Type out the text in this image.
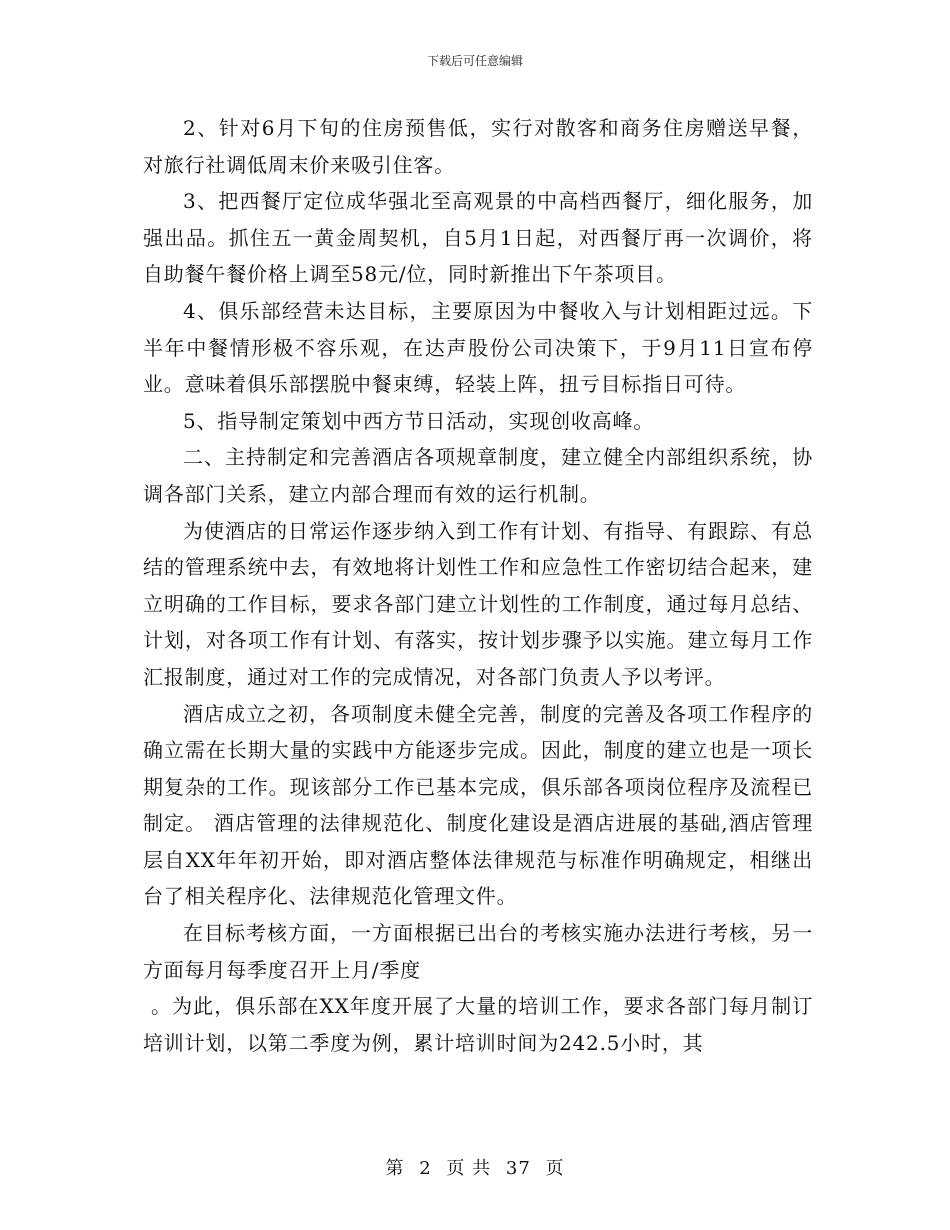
下载后可任意编辑

2、针对6月下旬的住房预售低，实行对散客和商务住房赠送早餐，对旅行社调低周末价来吸引住客。

3、把西餐厅定位成华强北至高观景的中高档西餐厅，细化服务，加强出品。抓住五一黄金周契机，自5月1日起，对西餐厅再一次调价，将自助餐午餐价格上调至58元/位，同时新推出下午茶项目。

4、俱乐部经营未达目标，主要原因为中餐收入与计划相距过远。下半年中餐情形极不容乐观，在达声股份公司决策下，于9月11日宣布停业。意味着俱乐部摆脱中餐束缚，轻装上阵，扭亏目标指日可待。

5、指导制定策划中西方节日活动，实现创收高峰。

二、主持制定和完善酒店各项规章制度，建立健全内部组织系统，协调各部门关系，建立内部合理而有效的运行机制。

为使酒店的日常运作逐步纳入到工作有计划、有指导、有跟踪、有总结的管理系统中去，有效地将计划性工作和应急性工作密切结合起来，建立明确的工作目标，要求各部门建立计划性的工作制度，通过每月总结、计划，对各项工作有计划、有落实，按计划步骤予以实施。建立每月工作汇报制度，通过对工作的完成情况，对各部门负责人予以考评。

酒店成立之初，各项制度未健全完善，制度的完善及各项工作程序的确立需在长期大量的实践中方能逐步完成。因此，制度的建立也是一项长期复杂的工作。现该部分工作已基本完成，俱乐部各项岗位程序及流程已制定。 酒店管理的法律规范化、制度化建设是酒店进展的基础,酒店管理层自XX年年初开始，即对酒店整体法律规范与标准作明确规定，相继出台了相关程序化、法律规范化管理文件。

在目标考核方面，一方面根据已出台的考核实施办法进行考核，另一方面每月每季度召开上月/季度

。为此，俱乐部在XX年度开展了大量的培训工作，要求各部门每月制订培训计划，以第二季度为例，累计培训时间为242.5小时，其

第 2 页 共 37 页
